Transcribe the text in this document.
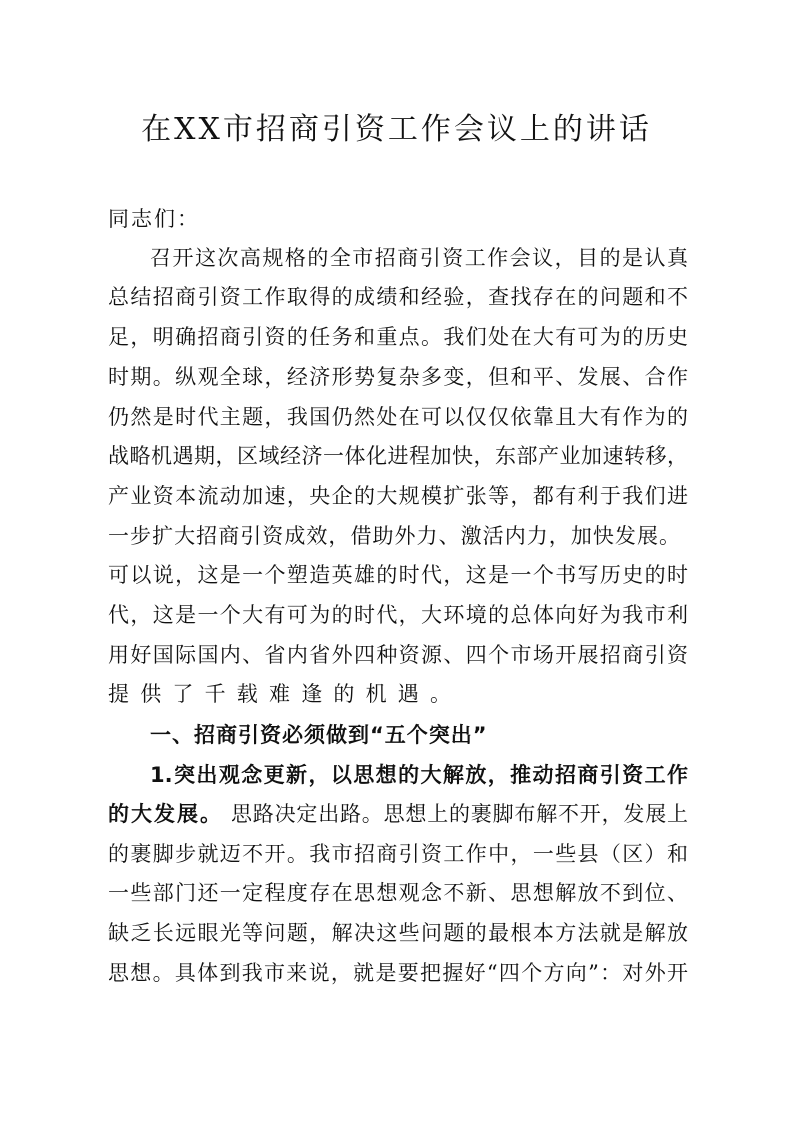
在XX市招商引资工作会议上的讲话
同志们：
召开这次高规格的全市招商引资工作会议，目的是认真
总结招商引资工作取得的成绩和经验，查找存在的问题和不
足，明确招商引资的任务和重点。我们处在大有可为的历史
时期。纵观全球，经济形势复杂多变，但和平、发展、合作
仍然是时代主题，我国仍然处在可以仅仅依靠且大有作为的
战略机遇期，区域经济一体化进程加快，东部产业加速转移，
产业资本流动加速，央企的大规模扩张等，都有利于我们进
一步扩大招商引资成效，借助外力、激活内力，加快发展。
可以说，这是一个塑造英雄的时代，这是一个书写历史的时
代，这是一个大有可为的时代，大环境的总体向好为我市利
用好国际国内、省内省外四种资源、四个市场开展招商引资
提供了千载难逢的机遇。
一、招商引资必须做到“五个突出”
1.突出观念更新，以思想的大解放，推动招商引资工作
的大发展。 思路决定出路。思想上的裹脚布解不开，发展上
的裹脚步就迈不开。我市招商引资工作中，一些县（区）和
一些部门还一定程度存在思想观念不新、思想解放不到位、
缺乏长远眼光等问题，解决这些问题的最根本方法就是解放
思想。具体到我市来说，就是要把握好“四个方向”：对外开
